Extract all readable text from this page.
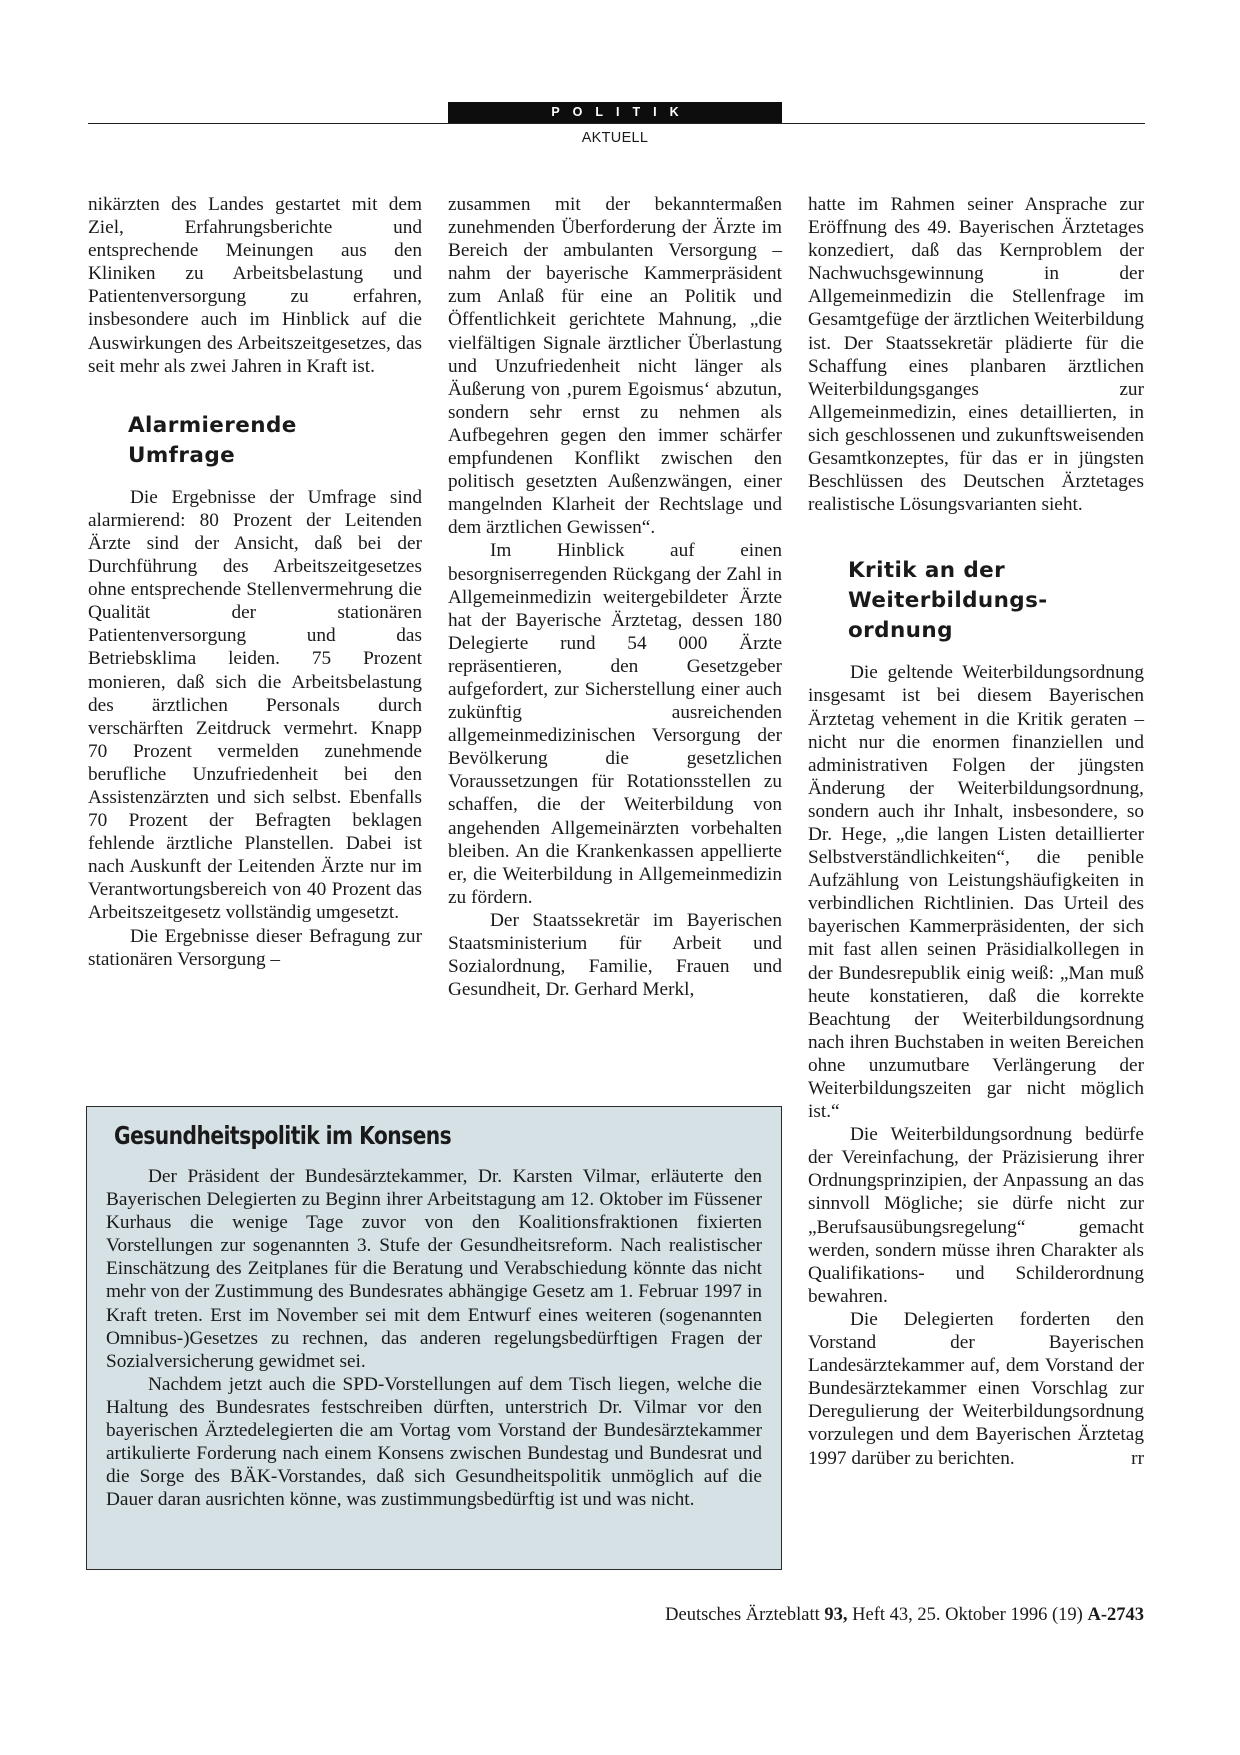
POLITIK
AKTUELL

nikärzten des Landes gestartet mit dem Ziel, Erfahrungsberichte und entsprechende Meinungen aus den Kliniken zu Arbeitsbelastung und Patientenversorgung zu erfahren, insbesondere auch im Hinblick auf die Auswirkungen des Arbeitszeitgesetzes, das seit mehr als zwei Jahren in Kraft ist.

Alarmierende
Umfrage

Die Ergebnisse der Umfrage sind alarmierend: 80 Prozent der Leitenden Ärzte sind der Ansicht, daß bei der Durchführung des Arbeitszeitgesetzes ohne entsprechende Stellenvermehrung die Qualität der stationären Patientenversorgung und das Betriebsklima leiden. 75 Prozent monieren, daß sich die Arbeitsbelastung des ärztlichen Personals durch verschärften Zeitdruck vermehrt. Knapp 70 Prozent vermelden zunehmende berufliche Unzufriedenheit bei den Assistenzärzten und sich selbst. Ebenfalls 70 Prozent der Befragten beklagen fehlende ärztliche Planstellen. Dabei ist nach Auskunft der Leitenden Ärzte nur im Verantwortungsbereich von 40 Prozent das Arbeitszeitgesetz vollständig umgesetzt.

Die Ergebnisse dieser Befragung zur stationären Versorgung –

zusammen mit der bekanntermaßen zunehmenden Überforderung der Ärzte im Bereich der ambulanten Versorgung – nahm der bayerische Kammerpräsident zum Anlaß für eine an Politik und Öffentlichkeit gerichtete Mahnung, „die vielfältigen Signale ärztlicher Überlastung und Unzufriedenheit nicht länger als Äußerung von ‚purem Egoismus‘ abzutun, sondern sehr ernst zu nehmen als Aufbegehren gegen den immer schärfer empfundenen Konflikt zwischen den politisch gesetzten Außenzwängen, einer mangelnden Klarheit der Rechtslage und dem ärztlichen Gewissen“.

Im Hinblick auf einen besorgniserregenden Rückgang der Zahl in Allgemeinmedizin weitergebildeter Ärzte hat der Bayerische Ärztetag, dessen 180 Delegierte rund 54 000 Ärzte repräsentieren, den Gesetzgeber aufgefordert, zur Sicherstellung einer auch zukünftig ausreichenden allgemeinmedizinischen Versorgung der Bevölkerung die gesetzlichen Voraussetzungen für Rotationsstellen zu schaffen, die der Weiterbildung von angehenden Allgemeinärzten vorbehalten bleiben. An die Krankenkassen appellierte er, die Weiterbildung in Allgemeinmedizin zu fördern.

Der Staatssekretär im Bayerischen Staatsministerium für Arbeit und Sozialordnung, Familie, Frauen und Gesundheit, Dr. Gerhard Merkl,

hatte im Rahmen seiner Ansprache zur Eröffnung des 49. Bayerischen Ärztetages konzediert, daß das Kernproblem der Nachwuchsgewinnung in der Allgemeinmedizin die Stellenfrage im Gesamtgefüge der ärztlichen Weiterbildung ist. Der Staatssekretär plädierte für die Schaffung eines planbaren ärztlichen Weiterbildungsganges zur Allgemeinmedizin, eines detaillierten, in sich geschlossenen und zukunftsweisenden Gesamtkonzeptes, für das er in jüngsten Beschlüssen des Deutschen Ärztetages realistische Lösungsvarianten sieht.

Kritik an der
Weiterbildungs-
ordnung

Die geltende Weiterbildungsordnung insgesamt ist bei diesem Bayerischen Ärztetag vehement in die Kritik geraten – nicht nur die enormen finanziellen und administrativen Folgen der jüngsten Änderung der Weiterbildungsordnung, sondern auch ihr Inhalt, insbesondere, so Dr. Hege, „die langen Listen detaillierter Selbstverständlichkeiten“, die penible Aufzählung von Leistungshäufigkeiten in verbindlichen Richtlinien. Das Urteil des bayerischen Kammerpräsidenten, der sich mit fast allen seinen Präsidialkollegen in der Bundesrepublik einig weiß: „Man muß heute konstatieren, daß die korrekte Beachtung der Weiterbildungsordnung nach ihren Buchstaben in weiten Bereichen ohne unzumutbare Verlängerung der Weiterbildungszeiten gar nicht möglich ist.“

Die Weiterbildungsordnung bedürfe der Vereinfachung, der Präzisierung ihrer Ordnungsprinzipien, der Anpassung an das sinnvoll Mögliche; sie dürfe nicht zur „Berufsausübungsregelung“ gemacht werden, sondern müsse ihren Charakter als Qualifikations- und Schilderordnung bewahren.

Die Delegierten forderten den Vorstand der Bayerischen Landesärztekammer auf, dem Vorstand der Bundesärztekammer einen Vorschlag zur Deregulierung der Weiterbildungsordnung vorzulegen und dem Bayerischen Ärztetag 1997 darüber zu berichten.	rr

Gesundheitspolitik im Konsens

Der Präsident der Bundesärztekammer, Dr. Karsten Vilmar, erläuterte den Bayerischen Delegierten zu Beginn ihrer Arbeitstagung am 12. Oktober im Füssener Kurhaus die wenige Tage zuvor von den Koalitionsfraktionen fixierten Vorstellungen zur sogenannten 3. Stufe der Gesundheitsreform. Nach realistischer Einschätzung des Zeitplanes für die Beratung und Verabschiedung könnte das nicht mehr von der Zustimmung des Bundesrates abhängige Gesetz am 1. Februar 1997 in Kraft treten. Erst im November sei mit dem Entwurf eines weiteren (sogenannten Omnibus-)Gesetzes zu rechnen, das anderen regelungsbedürftigen Fragen der Sozialversicherung gewidmet sei.

Nachdem jetzt auch die SPD-Vorstellungen auf dem Tisch liegen, welche die Haltung des Bundesrates festschreiben dürften, unterstrich Dr. Vilmar vor den bayerischen Ärztedelegierten die am Vortag vom Vorstand der Bundesärztekammer artikulierte Forderung nach einem Konsens zwischen Bundestag und Bundesrat und die Sorge des BÄK-Vorstandes, daß sich Gesundheitspolitik unmöglich auf die Dauer daran ausrichten könne, was zustimmungsbedürftig ist und was nicht.

Deutsches Ärzteblatt 93, Heft 43, 25. Oktober 1996 (19) A-2743
